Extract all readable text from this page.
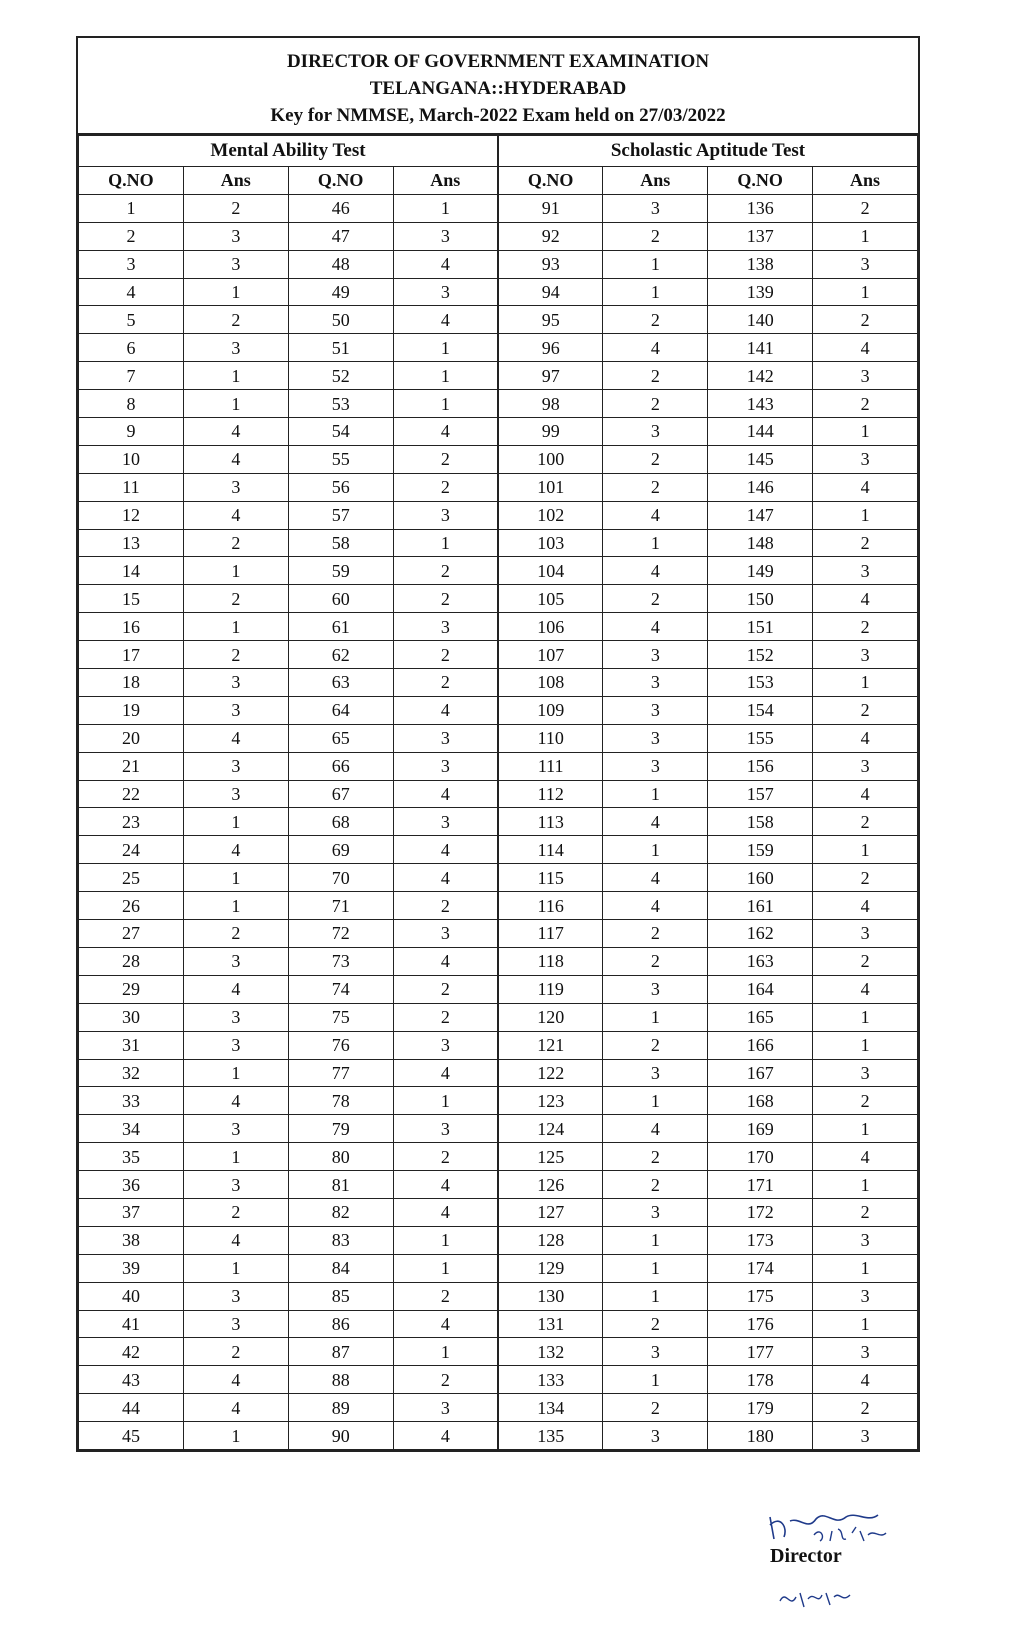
DIRECTOR OF GOVERNMENT EXAMINATION
TELANGANA::HYDERABAD
Key for NMMSE, March-2022 Exam held on 27/03/2022
Mental Ability Test				Scholastic Aptitude Test			
Q.NO	Ans	Q.NO	Ans	Q.NO	Ans	Q.NO	Ans
1	2	46	1	91	3	136	2
2	3	47	3	92	2	137	1
3	3	48	4	93	1	138	3
4	1	49	3	94	1	139	1
5	2	50	4	95	2	140	2
6	3	51	1	96	4	141	4
7	1	52	1	97	2	142	3
8	1	53	1	98	2	143	2
9	4	54	4	99	3	144	1
10	4	55	2	100	2	145	3
11	3	56	2	101	2	146	4
12	4	57	3	102	4	147	1
13	2	58	1	103	1	148	2
14	1	59	2	104	4	149	3
15	2	60	2	105	2	150	4
16	1	61	3	106	4	151	2
17	2	62	2	107	3	152	3
18	3	63	2	108	3	153	1
19	3	64	4	109	3	154	2
20	4	65	3	110	3	155	4
21	3	66	3	111	3	156	3
22	3	67	4	112	1	157	4
23	1	68	3	113	4	158	2
24	4	69	4	114	1	159	1
25	1	70	4	115	4	160	2
26	1	71	2	116	4	161	4
27	2	72	3	117	2	162	3
28	3	73	4	118	2	163	2
29	4	74	2	119	3	164	4
30	3	75	2	120	1	165	1
31	3	76	3	121	2	166	1
32	1	77	4	122	3	167	3
33	4	78	1	123	1	168	2
34	3	79	3	124	4	169	1
35	1	80	2	125	2	170	4
36	3	81	4	126	2	171	1
37	2	82	4	127	3	172	2
38	4	83	1	128	1	173	3
39	1	84	1	129	1	174	1
40	3	85	2	130	1	175	3
41	3	86	4	131	2	176	1
42	2	87	1	132	3	177	3
43	4	88	2	133	1	178	4
44	4	89	3	134	2	179	2
45	1	90	4	135	3	180	3
Director
